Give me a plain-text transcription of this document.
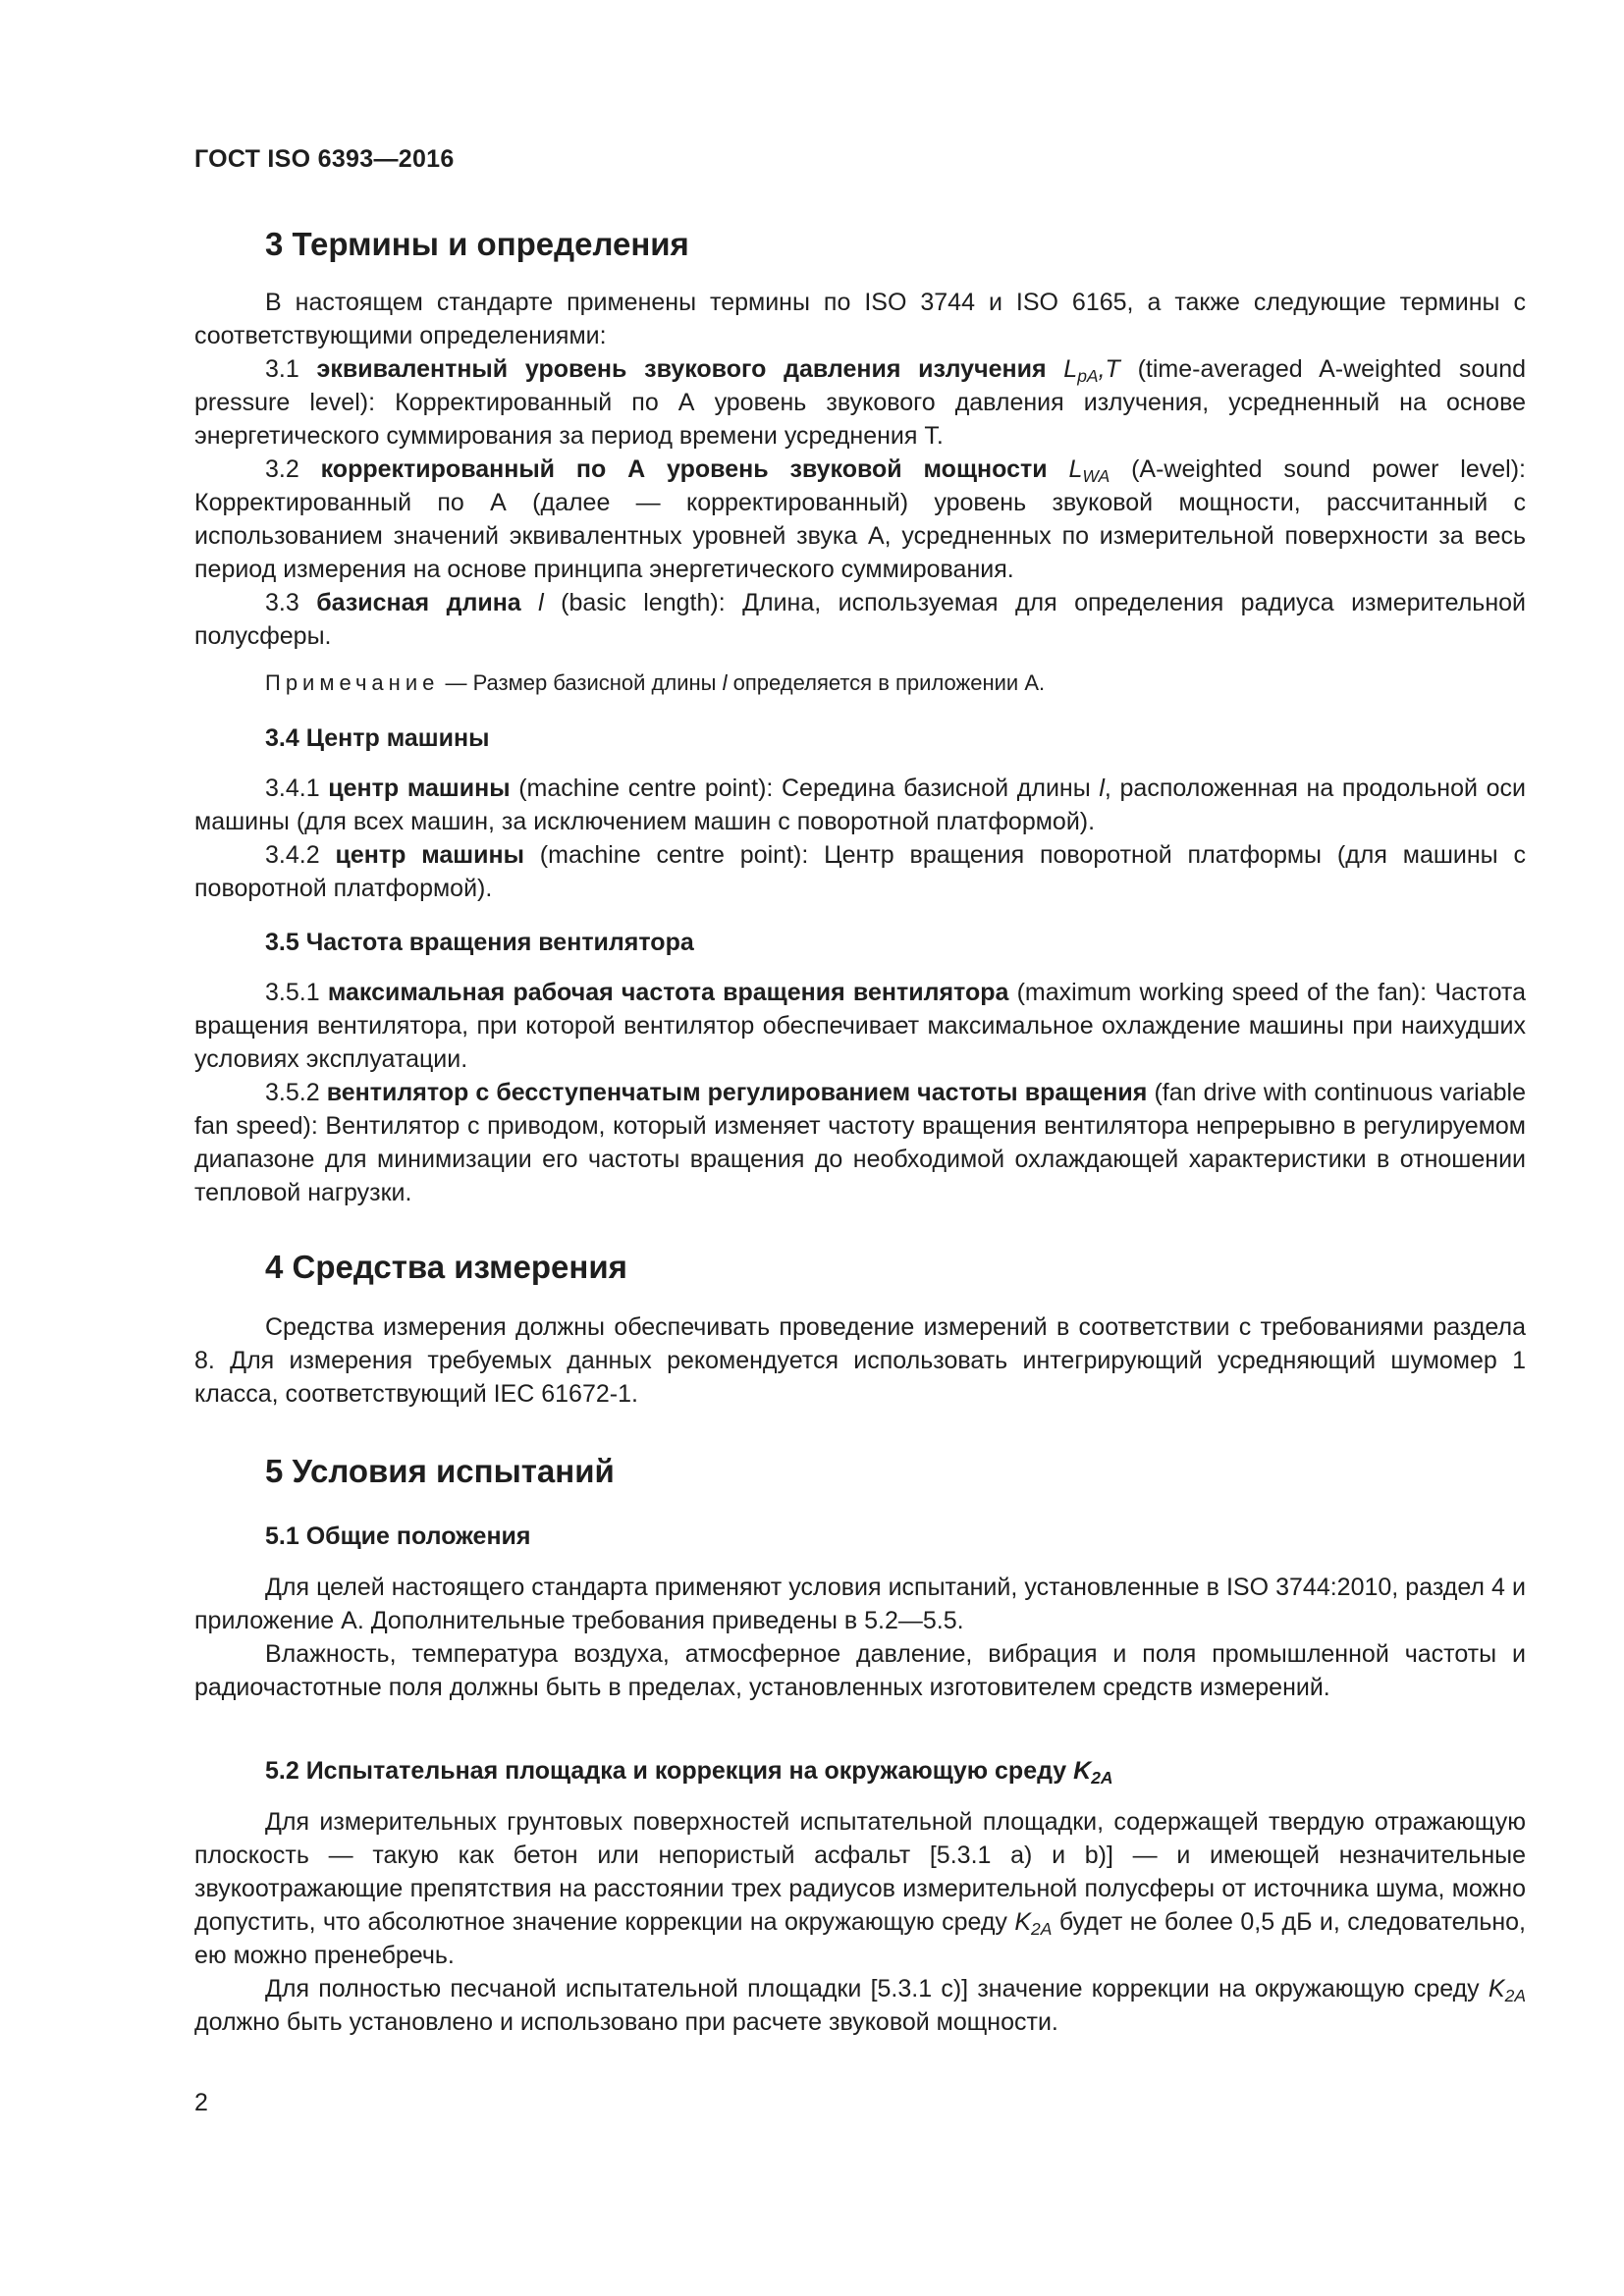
ГОСТ ISO 6393—2016
3 Термины и определения
В настоящем стандарте применены термины по ISO 3744 и ISO 6165, а также следующие термины с соответствующими определениями:
3.1 эквивалентный уровень звукового давления излучения $L_{pA},T$ (time-averaged A-weighted sound pressure level): Корректированный по А уровень звукового давления излучения, усредненный на основе энергетического суммирования за период времени усреднения T.
3.2 корректированный по А уровень звуковой мощности $L_{WA}$ (A-weighted sound power level): Корректированный по А (далее — корректированный) уровень звуковой мощности, рассчитанный с использованием значений эквивалентных уровней звука А, усредненных по измерительной поверхности за весь период измерения на основе принципа энергетического суммирования.
3.3 базисная длина l (basic length): Длина, используемая для определения радиуса измерительной полусферы.
Примечание — Размер базисной длины l определяется в приложении А.
3.4 Центр машины
3.4.1 центр машины (machine centre point): Середина базисной длины l, расположенная на продольной оси машины (для всех машин, за исключением машин с поворотной платформой).
3.4.2 центр машины (machine centre point): Центр вращения поворотной платформы (для машины с поворотной платформой).
3.5 Частота вращения вентилятора
3.5.1 максимальная рабочая частота вращения вентилятора (maximum working speed of the fan): Частота вращения вентилятора, при которой вентилятор обеспечивает максимальное охлаждение машины при наихудших условиях эксплуатации.
3.5.2 вентилятор с бесступенчатым регулированием частоты вращения (fan drive with continuous variable fan speed): Вентилятор с приводом, который изменяет частоту вращения вентилятора непрерывно в регулируемом диапазоне для минимизации его частоты вращения до необходимой охлаждающей характеристики в отношении тепловой нагрузки.
4 Средства измерения
Средства измерения должны обеспечивать проведение измерений в соответствии с требованиями раздела 8. Для измерения требуемых данных рекомендуется использовать интегрирующий усредняющий шумомер 1 класса, соответствующий IEC 61672-1.
5 Условия испытаний
5.1 Общие положения
Для целей настоящего стандарта применяют условия испытаний, установленные в ISO 3744:2010, раздел 4 и приложение А. Дополнительные требования приведены в 5.2—5.5.
Влажность, температура воздуха, атмосферное давление, вибрация и поля промышленной частоты и радиочастотные поля должны быть в пределах, установленных изготовителем средств измерений.
5.2 Испытательная площадка и коррекция на окружающую среду $K_{2A}$
Для измерительных грунтовых поверхностей испытательной площадки, содержащей твердую отражающую плоскость — такую как бетон или непористый асфальт [5.3.1 a) и b)] — и имеющей незначительные звукоотражающие препятствия на расстоянии трех радиусов измерительной полусферы от источника шума, можно допустить, что абсолютное значение коррекции на окружающую среду $K_{2A}$ будет не более 0,5 дБ и, следовательно, ею можно пренебречь.
Для полностью песчаной испытательной площадки [5.3.1 c)] значение коррекции на окружающую среду $K_{2A}$ должно быть установлено и использовано при расчете звуковой мощности.
2
